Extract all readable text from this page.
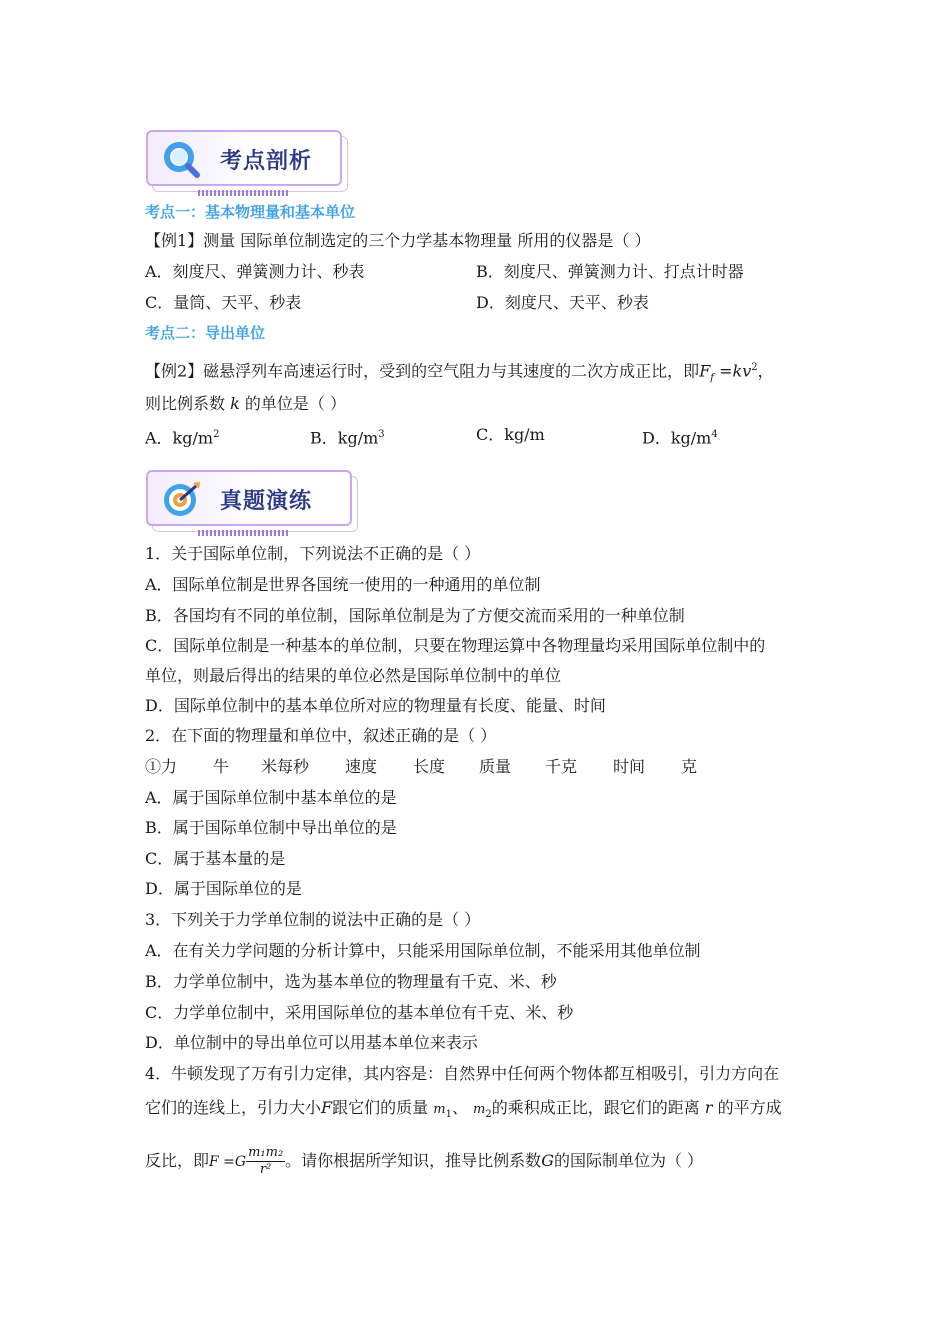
考点剖析
考点一：基本物理量和基本单位
【例1】测量 国际单位制选定的三个力学基本物理量 所用的仪器是（ ）
A．刻度尺、弹簧测力计、秒表	B．刻度尺、弹簧测力计、打点计时器
C．量筒、天平、秒表	D．刻度尺、天平、秒表
考点二：导出单位
【例2】磁悬浮列车高速运行时，受到的空气阻力与其速度的二次方成正比，即$F_f =kv^2$，
则比例系数 k 的单位是（ ）
A．$kg/m^2$	B．$kg/m^3$	C．kg/m	D．$kg/m^4$
真题演练
1．关于国际单位制，下列说法不正确的是（ ）
A．国际单位制是世界各国统一使用的一种通用的单位制
B．各国均有不同的单位制，国际单位制是为了方便交流而采用的一种单位制
C．国际单位制是一种基本的单位制，只要在物理运算中各物理量均采用国际单位制中的
单位，则最后得出的结果的单位必然是国际单位制中的单位
D．国际单位制中的基本单位所对应的物理量有长度、能量、时间
2．在下面的物理量和单位中，叙述正确的是（ ）
①力 牛 米每秒 速度 长度 质量 千克 时间 克
A．属于国际单位制中基本单位的是
B．属于国际单位制中导出单位的是
C．属于基本量的是
D．属于国际单位的是
3．下列关于力学单位制的说法中正确的是（ ）
A．在有关力学问题的分析计算中，只能采用国际单位制，不能采用其他单位制
B．力学单位制中，选为基本单位的物理量有千克、米、秒
C．力学单位制中，采用国际单位的基本单位有千克、米、秒
D．单位制中的导出单位可以用基本单位来表示
4．牛顿发现了万有引力定律，其内容是：自然界中任何两个物体都互相吸引，引力方向在
它们的连线上，引力大小F跟它们的质量 $m_1$、 $m_2$的乘积成正比，跟它们的距离 r 的平方成
反比，即$F =G \frac{\text{m₁m₂}}{\text{r²}}$ 。请你根据所学知识，推导比例系数G的国际制单位为（ ）
